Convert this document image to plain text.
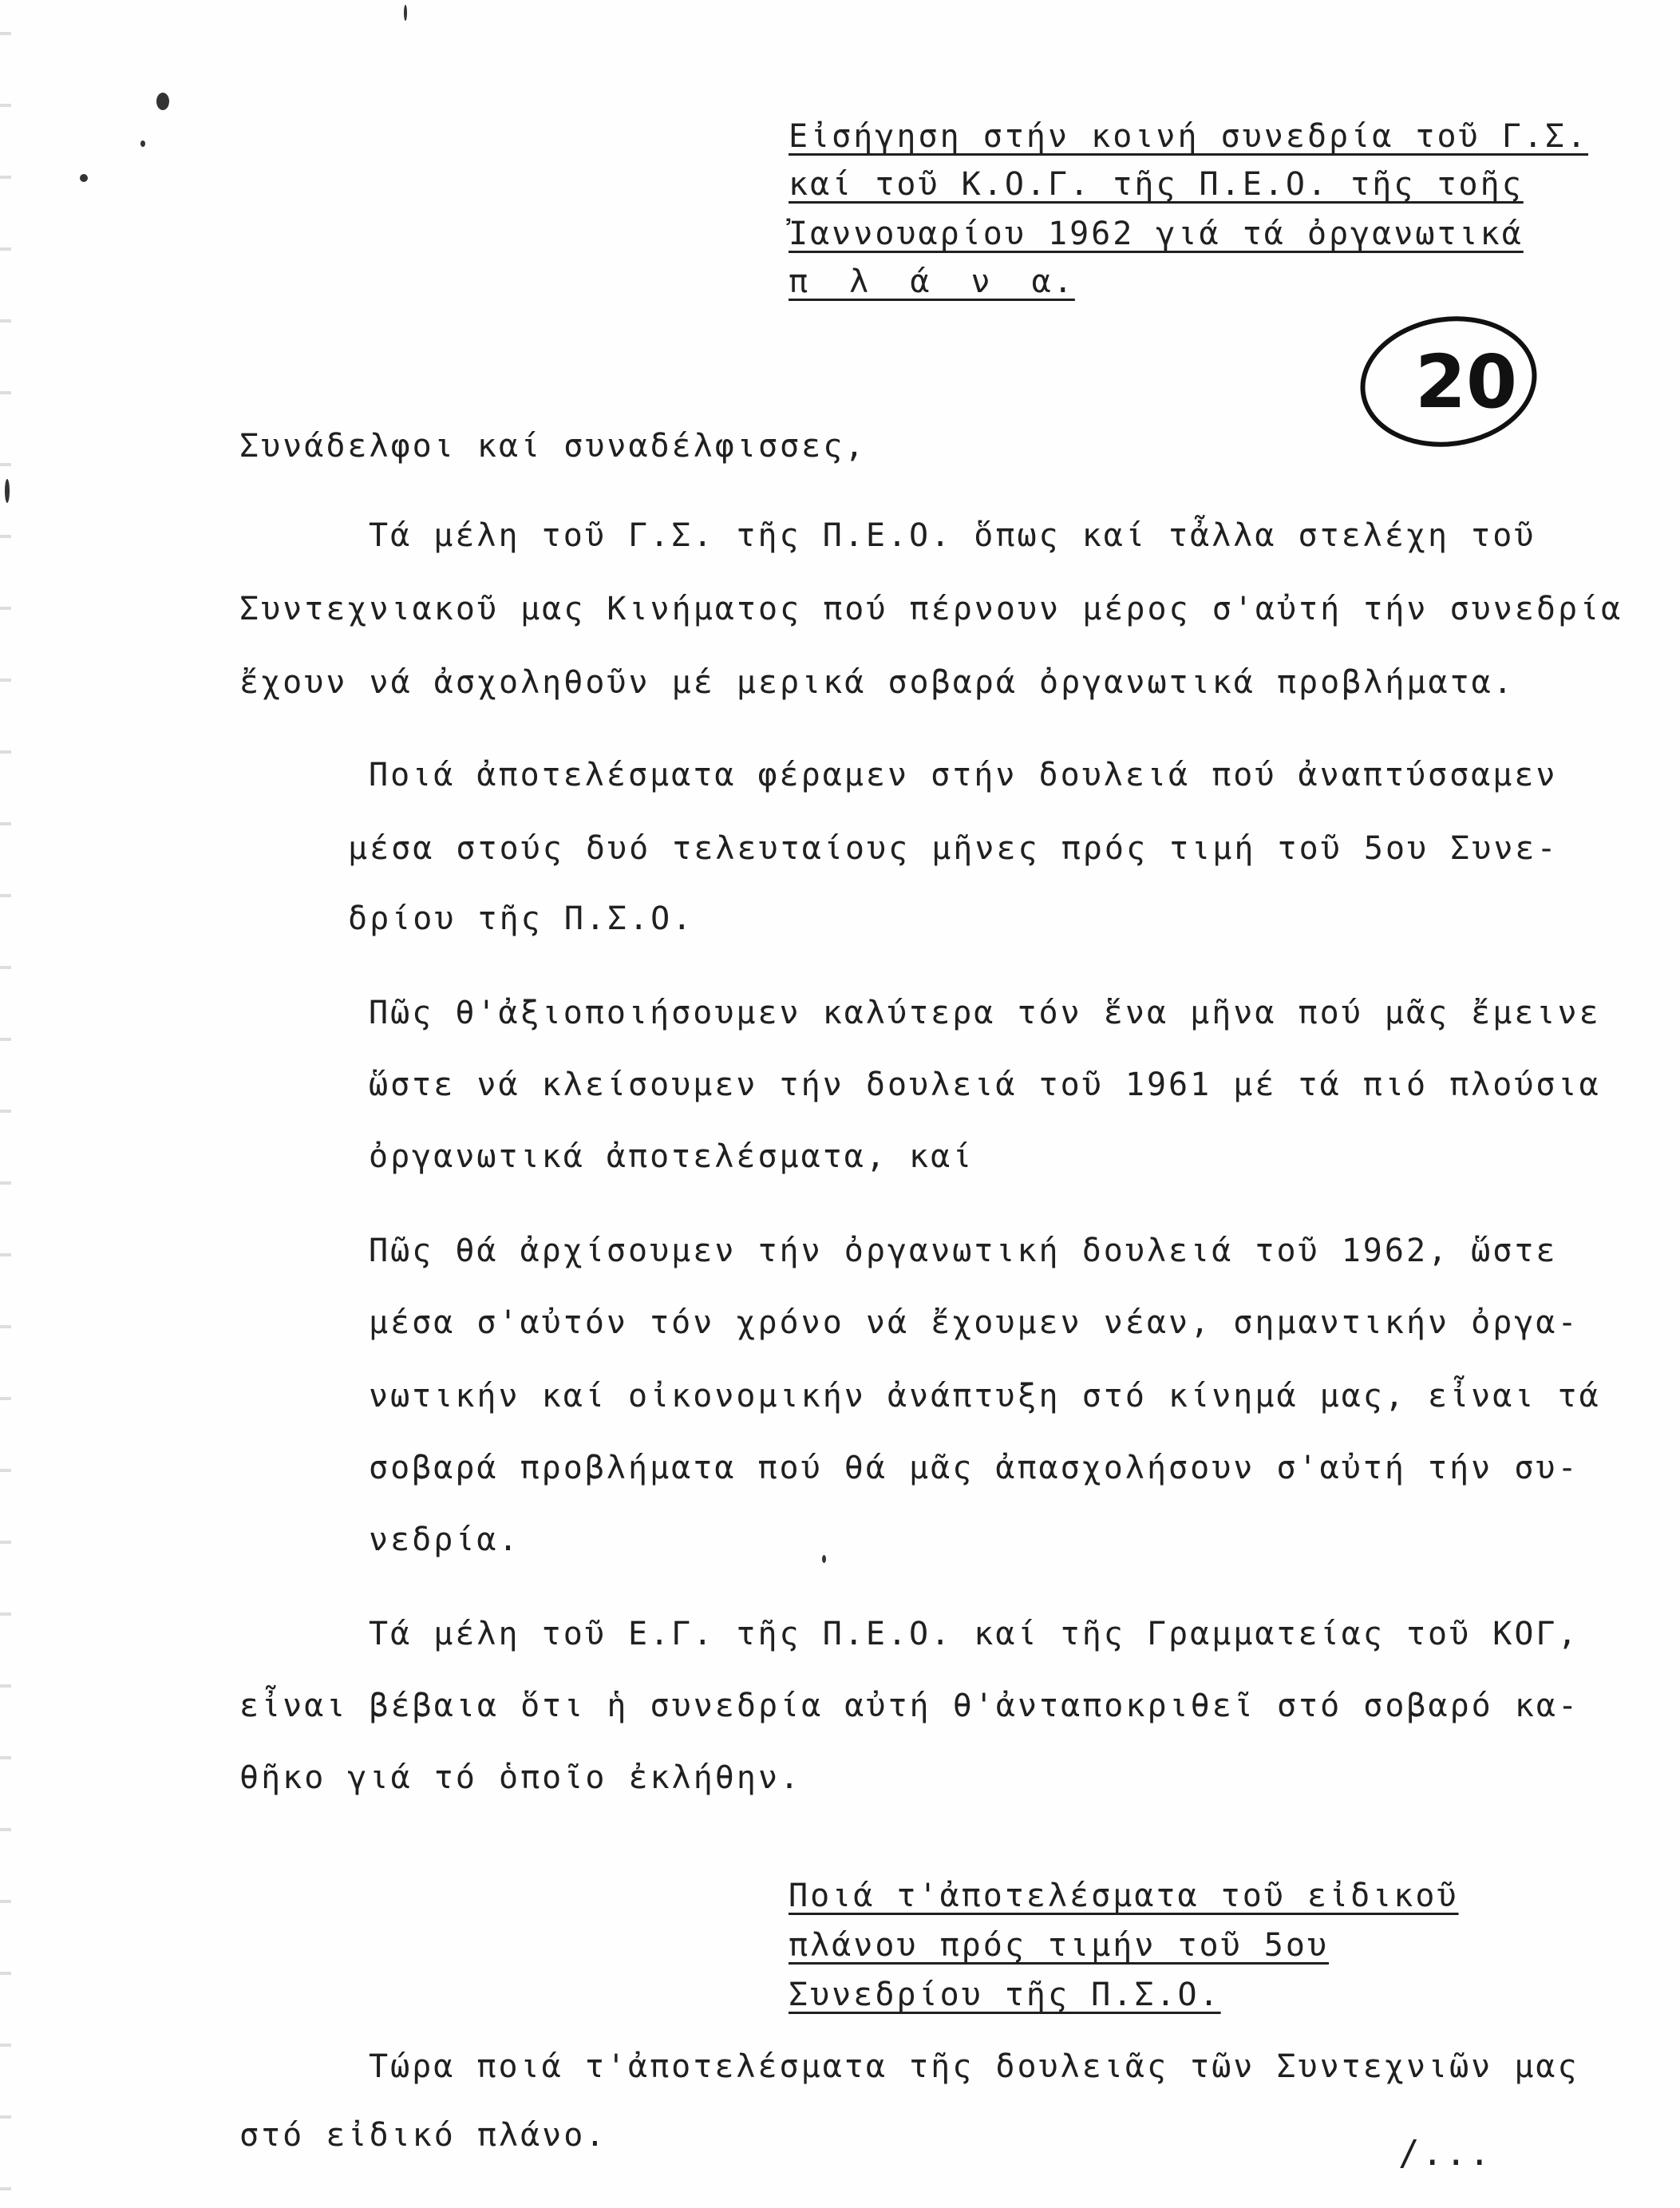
Εἰσήγηση στήν κοινή συνεδρία τοῦ Γ.Σ.
καί τοῦ Κ.Ο.Γ. τῆς Π.Ε.Ο. τῆς τοῆς
Ἰαννουαρίου 1962 γιά τά ὀργανωτικά
π λ ά ν α.
20
Συνάδελφοι καί συναδέλφισσες,
Τά μέλη τοῦ Γ.Σ. τῆς Π.Ε.Ο. ὅπως καί τἆλλα στελέχη τοῦ
Συντεχνιακοῦ μας Κινήματος πού πέρνουν μέρος σ'αὐτή τήν συνεδρία
ἔχουν νά ἀσχοληθοῦν μέ μερικά σοβαρά ὀργανωτικά προβλήματα.
Ποιά ἀποτελέσματα φέραμεν στήν δουλειά πού ἀναπτύσσαμεν
μέσα στούς δυό τελευταίους μῆνες πρός τιμή τοῦ 5ου Συνε-
δρίου τῆς Π.Σ.Ο.
Πῶς θ'ἀξιοποιήσουμεν καλύτερα τόν ἕνα μῆνα πού μᾶς ἔμεινε
ὥστε νά κλείσουμεν τήν δουλειά τοῦ 1961 μέ τά πιό πλούσια
ὀργανωτικά ἀποτελέσματα, καί
Πῶς θά ἀρχίσουμεν τήν ὀργανωτική δουλειά τοῦ 1962, ὥστε
μέσα σ'αὐτόν τόν χρόνο νά ἔχουμεν νέαν, σημαντικήν ὀργα-
νωτικήν καί οἰκονομικήν ἀνάπτυξη στό κίνημά μας, εἶναι τά
σοβαρά προβλήματα πού θά μᾶς ἀπασχολήσουν σ'αὐτή τήν συ-
νεδρία.
Τά μέλη τοῦ Ε.Γ. τῆς Π.Ε.Ο. καί τῆς Γραμματείας τοῦ ΚΟΓ,
εἶναι βέβαια ὅτι ἡ συνεδρία αὐτή θ'ἀνταποκριθεῖ στό σοβαρό κα-
θῆκο γιά τό ὁποῖο ἐκλήθην.
Ποιά τ'ἀποτελέσματα τοῦ εἰδικοῦ
πλάνου πρός τιμήν τοῦ 5ου
Συνεδρίου τῆς Π.Σ.Ο.
Τώρα ποιά τ'ἀποτελέσματα τῆς δουλειᾶς τῶν Συντεχνιῶν μας
στό εἰδικό πλάνο.	/...
